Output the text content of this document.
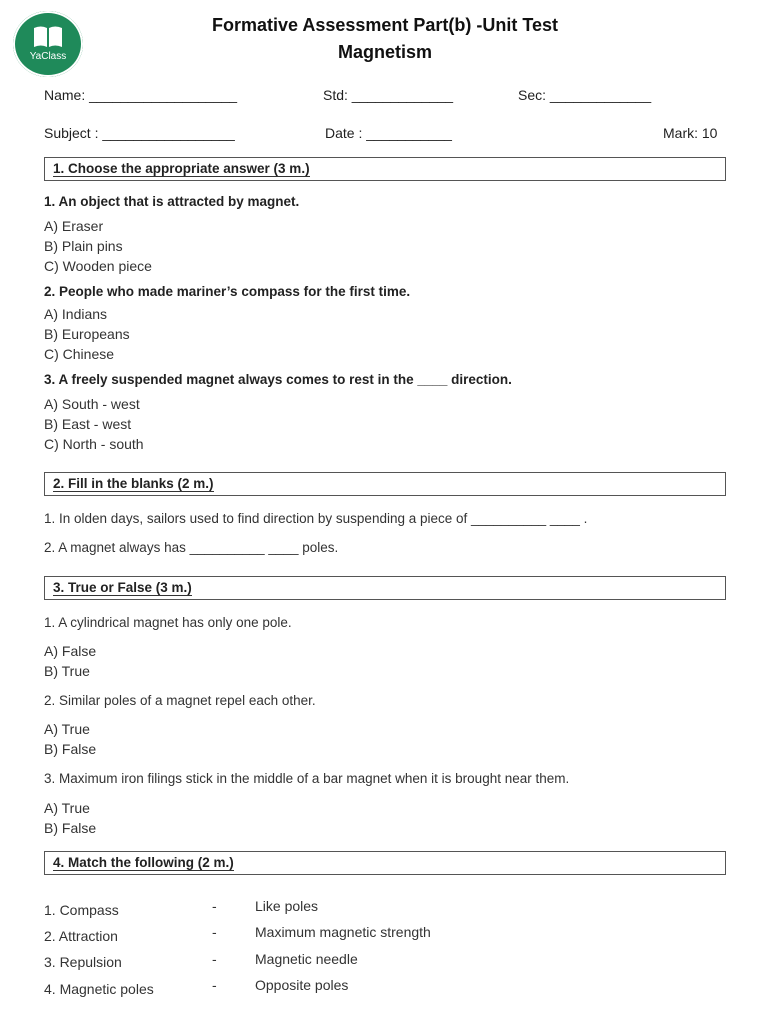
YaClass
Formative Assessment Part(b) -Unit Test
Magnetism
Name: ___________________	Std: _____________	Sec: _____________
Subject : _________________	Date : ___________	Mark: 10
1. Choose the appropriate answer (3 m.)
1. An object that is attracted by magnet.
A) Eraser
B) Plain pins
C) Wooden piece
2. People who made mariner’s compass for the first time.
A) Indians
B) Europeans
C) Chinese
3. A freely suspended magnet always comes to rest in the ____ direction.
A) South - west
B) East - west
C) North - south
2. Fill in the blanks (2 m.)
1. In olden days, sailors used to find direction by suspending a piece of __________ ____ .
2. A magnet always has __________ ____ poles.
3. True or False (3 m.)
1. A cylindrical magnet has only one pole.
A) False
B) True
2. Similar poles of a magnet repel each other.
A) True
B) False
3. Maximum iron filings stick in the middle of a bar magnet when it is brought near them.
A) True
B) False
4. Match the following (2 m.)
1. Compass	-	Like poles
2. Attraction	-	Maximum magnetic strength
3. Repulsion	-	Magnetic needle
4. Magnetic poles	-	Opposite poles
